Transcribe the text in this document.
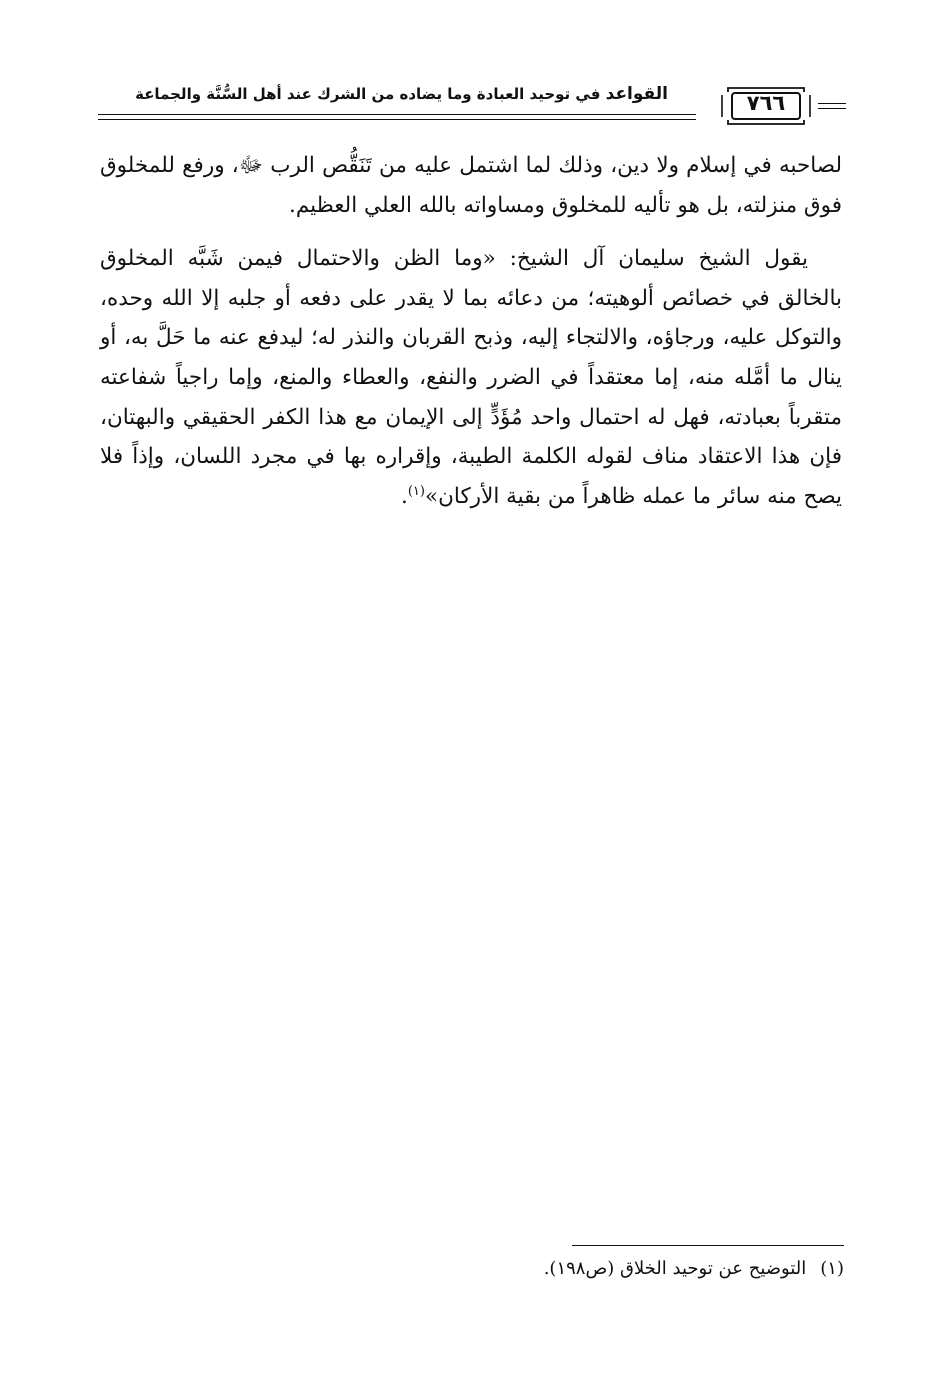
القواعد في توحيد العبادة وما يضاده من الشرك عند أهل السُّنَّة والجماعة	٧٦٦

لصاحبه في إسلام ولا دين، وذلك لما اشتمل عليه من تَنَقُّص الرب ﷻ، ورفع للمخلوق فوق منزلته، بل هو تأليه للمخلوق ومساواته بالله العلي العظيم.

يقول الشيخ سليمان آل الشيخ: «وما الظن والاحتمال فيمن شَبَّه المخلوق بالخالق في خصائص ألوهيته؛ من دعائه بما لا يقدر على دفعه أو جلبه إلا الله وحده، والتوكل عليه، ورجاؤه، والالتجاء إليه، وذبح القربان والنذر له؛ ليدفع عنه ما حَلَّ به، أو ينال ما أمَّله منه، إما معتقداً في الضرر والنفع، والعطاء والمنع، وإما راجياً شفاعته متقرباً بعبادته، فهل له احتمال واحد مُؤَدٍّ إلى الإيمان مع هذا الكفر الحقيقي والبهتان، فإن هذا الاعتقاد مناف لقوله الكلمة الطيبة، وإقراره بها في مجرد اللسان، وإذاً فلا يصح منه سائر ما عمله ظاهراً من بقية الأركان»$^{(١)}$.

(١)التوضيح عن توحيد الخلاق (ص١٩٨).
